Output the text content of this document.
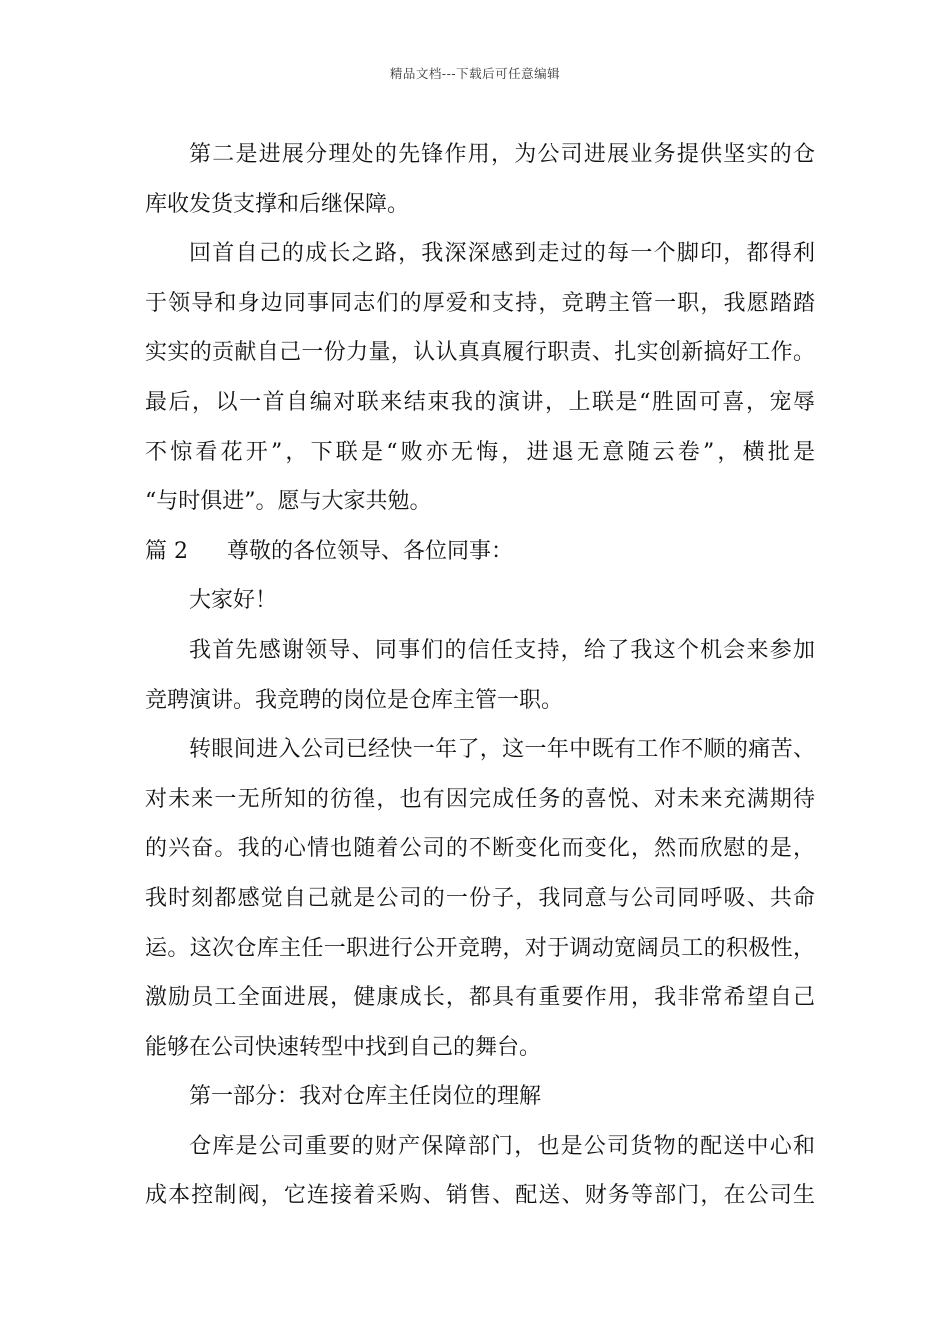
精品文档---下载后可任意编辑
第二是进展分理处的先锋作用，为公司进展业务提供坚实的仓
库收发货支撑和后继保障。
回首自己的成长之路，我深深感到走过的每一个脚印，都得利
于领导和身边同事同志们的厚爱和支持，竞聘主管一职，我愿踏踏
实实的贡献自己一份力量，认认真真履行职责、扎实创新搞好工作。
最后，以一首自编对联来结束我的演讲，上联是“胜固可喜，宠辱
不惊看花开”，下联是“败亦无悔，进退无意随云卷”，横批是
“与时俱进”。愿与大家共勉。
篇 2 尊敬的各位领导、各位同事：
大家好！
我首先感谢领导、同事们的信任支持，给了我这个机会来参加
竞聘演讲。我竞聘的岗位是仓库主管一职。
转眼间进入公司已经快一年了，这一年中既有工作不顺的痛苦、
对未来一无所知的彷徨，也有因完成任务的喜悦、对未来充满期待
的兴奋。我的心情也随着公司的不断变化而变化，然而欣慰的是，
我时刻都感觉自己就是公司的一份子，我同意与公司同呼吸、共命
运。这次仓库主任一职进行公开竞聘，对于调动宽阔员工的积极性，
激励员工全面进展，健康成长，都具有重要作用，我非常希望自己
能够在公司快速转型中找到自己的舞台。
第一部分：我对仓库主任岗位的理解
仓库是公司重要的财产保障部门，也是公司货物的配送中心和
成本控制阀，它连接着采购、销售、配送、财务等部门，在公司生
